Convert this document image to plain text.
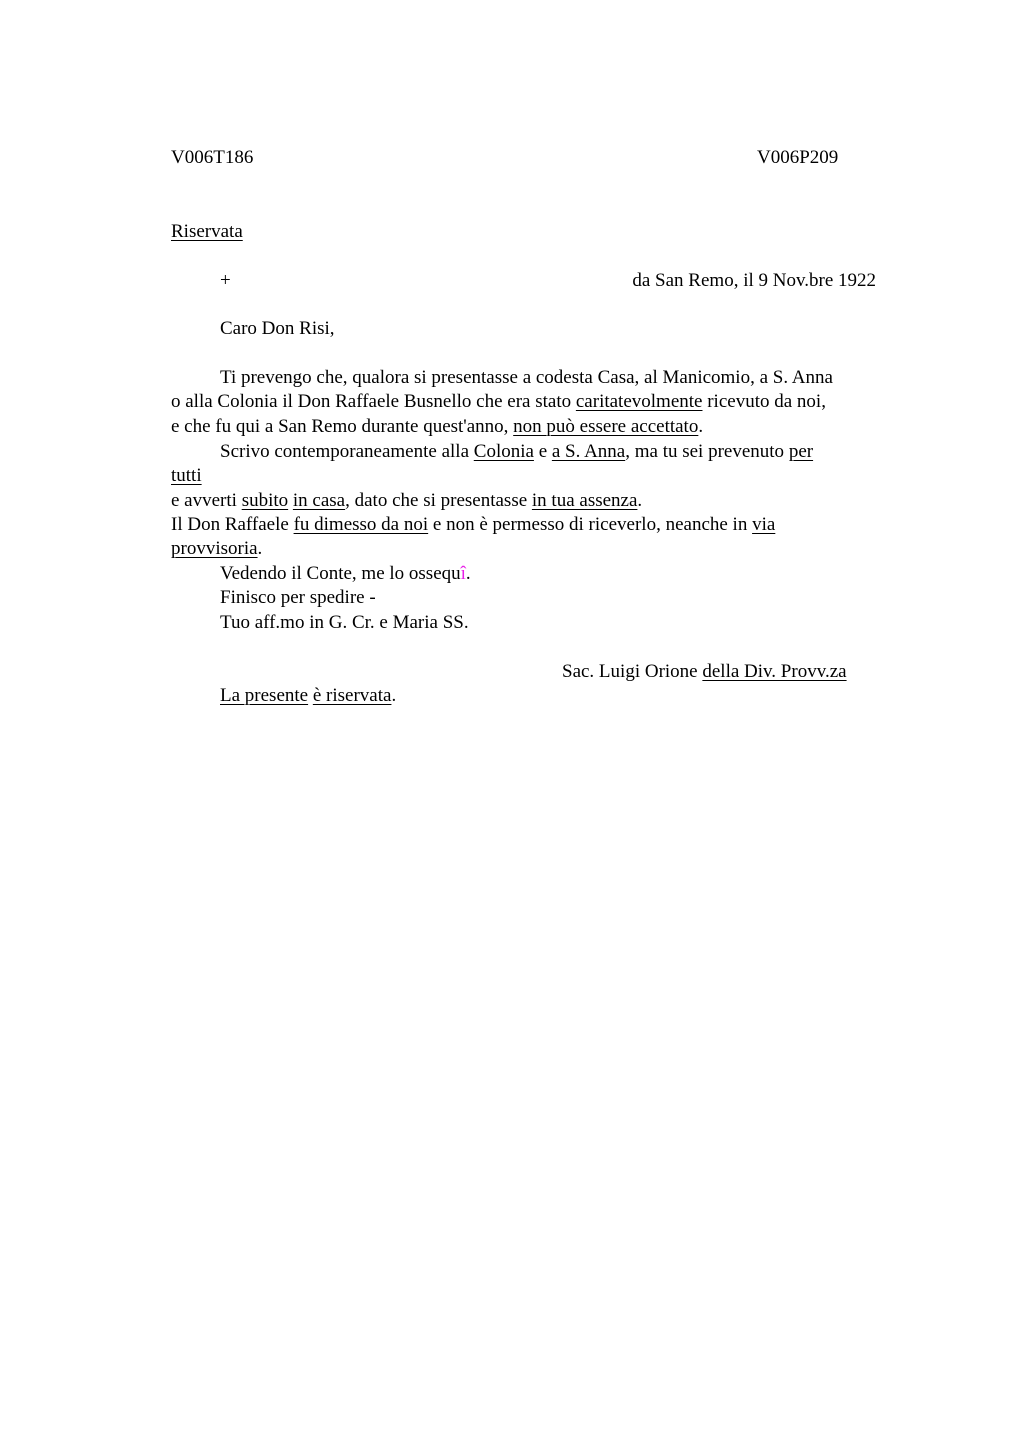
V006T186	V006P209
Riservata
+	da San Remo, il 9 Nov.bre 1922
Caro Don Risi,
Ti prevengo che, qualora si presentasse a codesta Casa, al Manicomio, a S. Anna
o alla Colonia il Don Raffaele Busnello che era stato caritatevolmente ricevuto da noi,
e che fu qui a San Remo durante quest'anno, non può essere accettato.
Scrivo contemporaneamente alla Colonia e a S. Anna, ma tu sei prevenuto per
tutti
e avverti subito in casa, dato che si presentasse in tua assenza.
Il Don Raffaele fu dimesso da noi e non è permesso di riceverlo, neanche in via
provvisoria.
Vedendo il Conte, me lo ossequî.
Finisco per spedire -
Tuo aff.mo in G. Cr. e Maria SS.
Sac. Luigi Orione della Div. Provv.za
La presente è riservata.
